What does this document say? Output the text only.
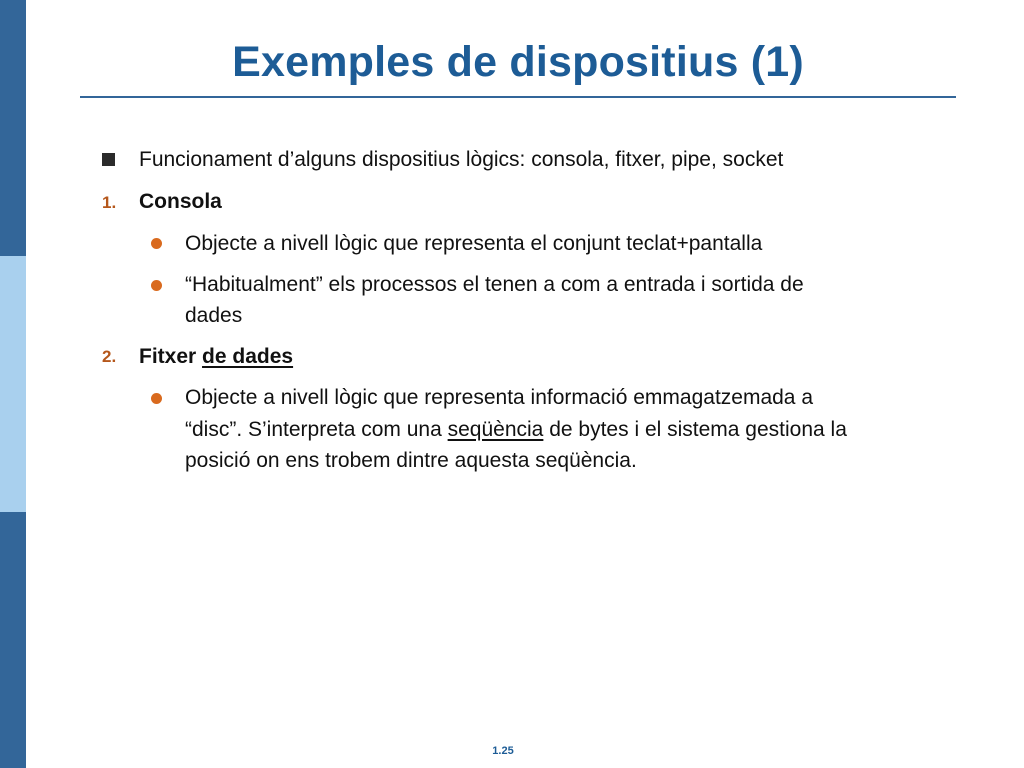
Exemples de dispositius (1)
Funcionament d’alguns dispositius lògics: consola, fitxer, pipe, socket
1. Consola
Objecte a nivell lògic que representa el conjunt teclat+pantalla
“Habitualment” els processos el tenen a com a entrada i sortida de
dades
2. Fitxer de dades
Objecte a nivell lògic que representa informació emmagatzemada a
“disc”. S’interpreta com una seqüència de bytes i el sistema gestiona la
posició on ens trobem dintre aquesta seqüència.
1.25
